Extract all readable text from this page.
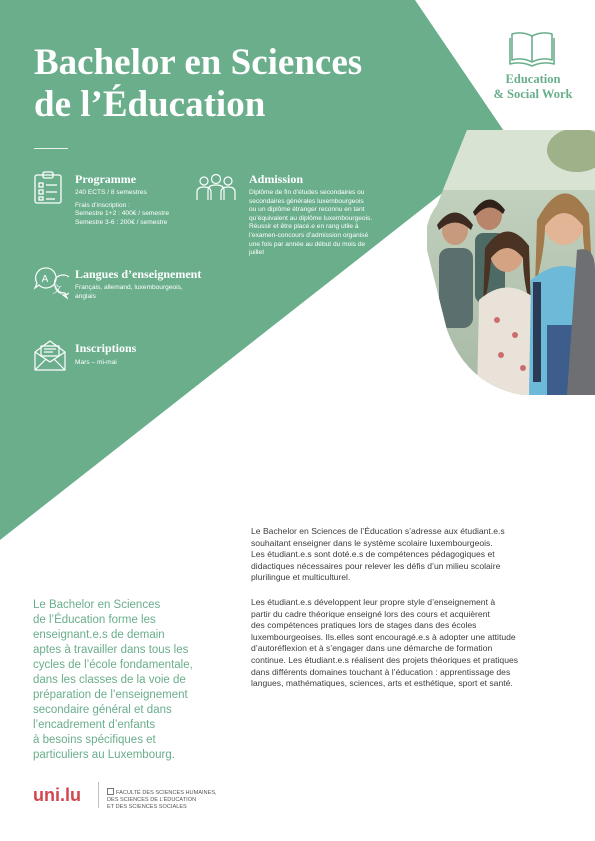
Bachelor en Sciences
de l’Éducation
Education
& Social Work
Programme
240 ECTS / 8 semestres
Frais d’inscription :
Semestre 1+2 : 400€ / semestre
Semestre 3-6 : 200€ / semestre
Admission
Diplôme de fin d’études secondaires ou
secondaires générales luxembourgeois
ou un diplôme étranger reconnu en tant
qu’équivalent au diplôme luxembourgeois.
Réussir et être placé.e en rang utile à
l’examen-concours d’admission organisé
une fois par année au début du mois de
juillet
A
文
Langues d’enseignement
Français, allemand, luxembourgeois,
anglais
Inscriptions
Mars – mi-mai

Le Bachelor en Sciences de l’Éducation s’adresse aux étudiant.e.s
souhaitant enseigner dans le système scolaire luxembourgeois.
Les étudiant.e.s sont doté.e.s de compétences pédagogiques et
didactiques nécessaires pour relever les défis d’un milieu scolaire
plurilingue et multiculturel.

Les étudiant.e.s développent leur propre style d’enseignement à
partir du cadre théorique enseigné lors des cours et acquièrent
des compétences pratiques lors de stages dans des écoles
luxembourgeoises. Ils.elles sont encouragé.e.s à adopter une attitude
d’autoréflexion et à s’engager dans une démarche de formation
continue. Les étudiant.e.s réalisent des projets théoriques et pratiques
dans différents domaines touchant à l’éducation : apprentissage des
langues, mathématiques, sciences, arts et esthétique, sport et santé.

Le Bachelor en Sciences
de l’Éducation forme les
enseignant.e.s de demain
aptes à travailler dans tous les
cycles de l’école fondamentale,
dans les classes de la voie de
préparation de l’enseignement
secondaire général et dans
l’encadrement d’enfants
à besoins spécifiques et
particuliers au Luxembourg.
uni.lu	FACULTÉ DES SCIENCES HUMAINES,
DES SCIENCES DE L’ÉDUCATION
ET DES SCIENCES SOCIALES
